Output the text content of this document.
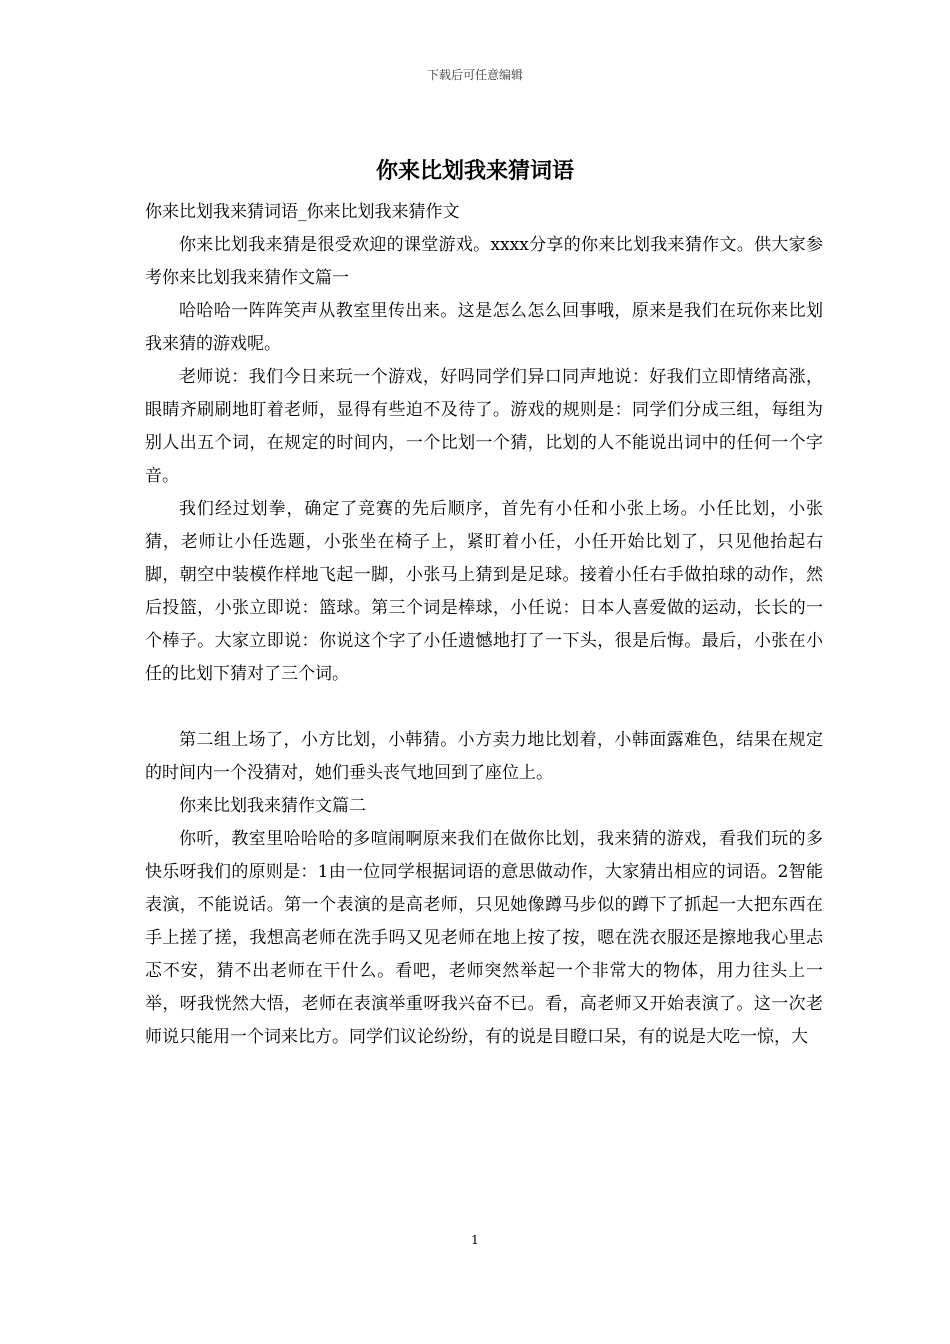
下载后可任意编辑
你来比划我来猜词语

你来比划我来猜词语_你来比划我来猜作文

你来比划我来猜是很受欢迎的课堂游戏。xxxx分享的你来比划我来猜作文。供大家参考你来比划我来猜作文篇一

哈哈哈一阵阵笑声从教室里传出来。这是怎么怎么回事哦，原来是我们在玩你来比划我来猜的游戏呢。

老师说：我们今日来玩一个游戏，好吗同学们异口同声地说：好我们立即情绪高涨，眼睛齐刷刷地盯着老师，显得有些迫不及待了。游戏的规则是：同学们分成三组，每组为别人出五个词，在规定的时间内，一个比划一个猜，比划的人不能说出词中的任何一个字音。

我们经过划拳，确定了竞赛的先后顺序，首先有小任和小张上场。小任比划，小张猜，老师让小任选题，小张坐在椅子上，紧盯着小任，小任开始比划了，只见他抬起右脚，朝空中装模作样地飞起一脚，小张马上猜到是足球。接着小任右手做拍球的动作，然后投篮，小张立即说：篮球。第三个词是棒球，小任说：日本人喜爱做的运动，长长的一个棒子。大家立即说：你说这个字了小任遗憾地打了一下头，很是后悔。最后，小张在小任的比划下猜对了三个词。

第二组上场了，小方比划，小韩猜。小方卖力地比划着，小韩面露难色，结果在规定的时间内一个没猜对，她们垂头丧气地回到了座位上。

你来比划我来猜作文篇二

你听，教室里哈哈哈的多喧闹啊原来我们在做你比划，我来猜的游戏，看我们玩的多快乐呀我们的原则是：1由一位同学根据词语的意思做动作，大家猜出相应的词语。2智能表演，不能说话。第一个表演的是高老师，只见她像蹲马步似的蹲下了抓起一大把东西在手上搓了搓，我想高老师在洗手吗又见老师在地上按了按，嗯在洗衣服还是擦地我心里忐忑不安，猜不出老师在干什么。看吧，老师突然举起一个非常大的物体，用力往头上一举，呀我恍然大悟，老师在表演举重呀我兴奋不已。看，高老师又开始表演了。这一次老师说只能用一个词来比方。同学们议论纷纷，有的说是目瞪口呆，有的说是大吃一惊，大

1
